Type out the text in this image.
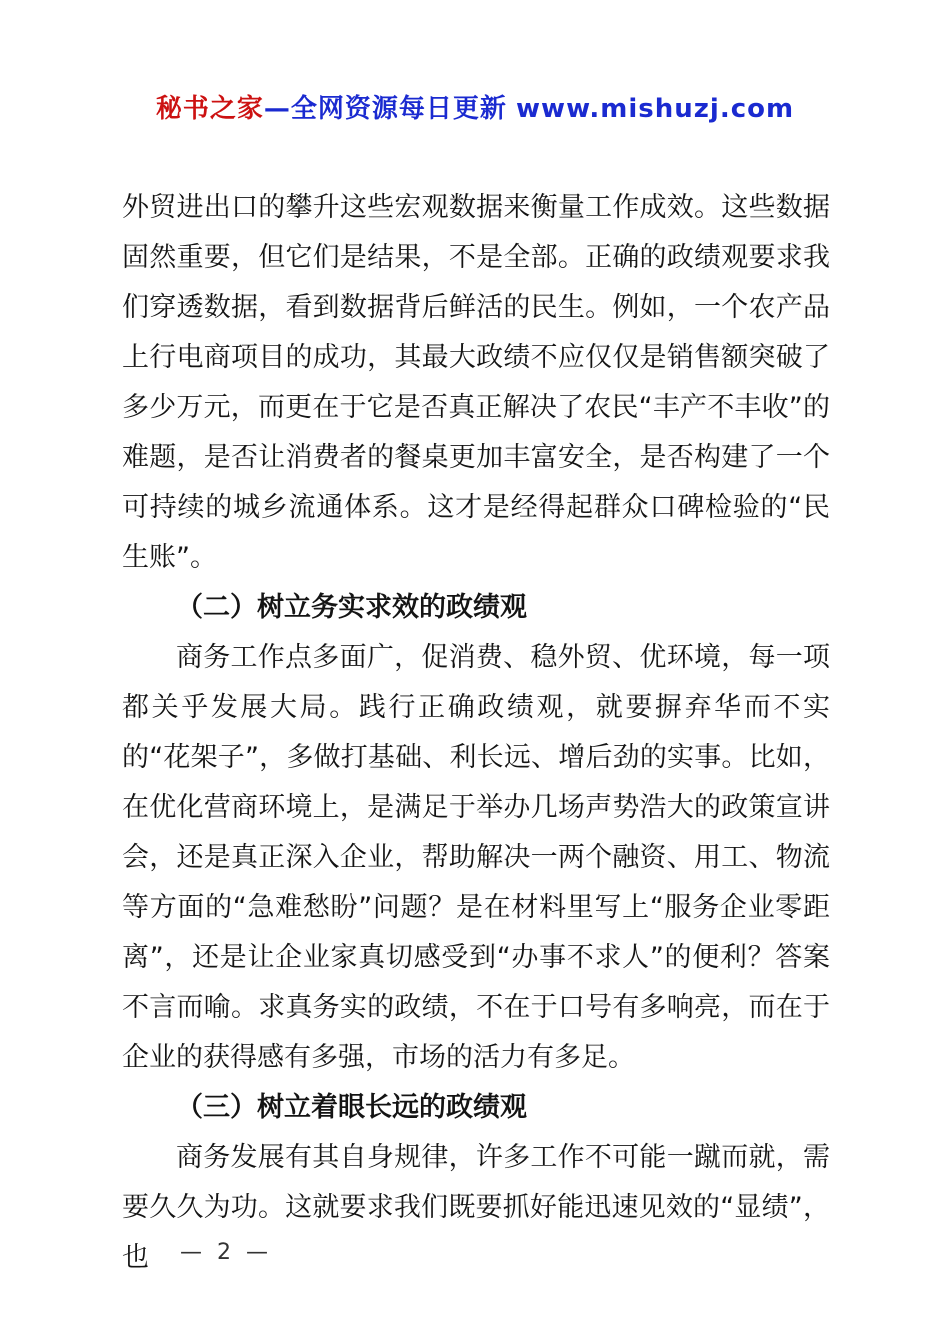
秘书之家—全网资源每日更新 www.mishuzj.com

外贸进出口的攀升这些宏观数据来衡量工作成效。这些数据固然重要，但它们是结果，不是全部。正确的政绩观要求我们穿透数据，看到数据背后鲜活的民生。例如，一个农产品上行电商项目的成功，其最大政绩不应仅仅是销售额突破了多少万元，而更在于它是否真正解决了农民“丰产不丰收”的难题，是否让消费者的餐桌更加丰富安全，是否构建了一个可持续的城乡流通体系。这才是经得起群众口碑检验的“民生账”。

（二）树立务实求效的政绩观

商务工作点多面广，促消费、稳外贸、优环境，每一项都关乎发展大局。践行正确政绩观，就要摒弃华而不实的“花架子”，多做打基础、利长远、增后劲的实事。比如，在优化营商环境上，是满足于举办几场声势浩大的政策宣讲会，还是真正深入企业，帮助解决一两个融资、用工、物流等方面的“急难愁盼”问题？是在材料里写上“服务企业零距离”，还是让企业家真切感受到“办事不求人”的便利？答案不言而喻。求真务实的政绩，不在于口号有多响亮，而在于企业的获得感有多强，市场的活力有多足。

（三）树立着眼长远的政绩观

商务发展有其自身规律，许多工作不可能一蹴而就，需要久久为功。这就要求我们既要抓好能迅速见效的“显绩”，也	— 2 —
